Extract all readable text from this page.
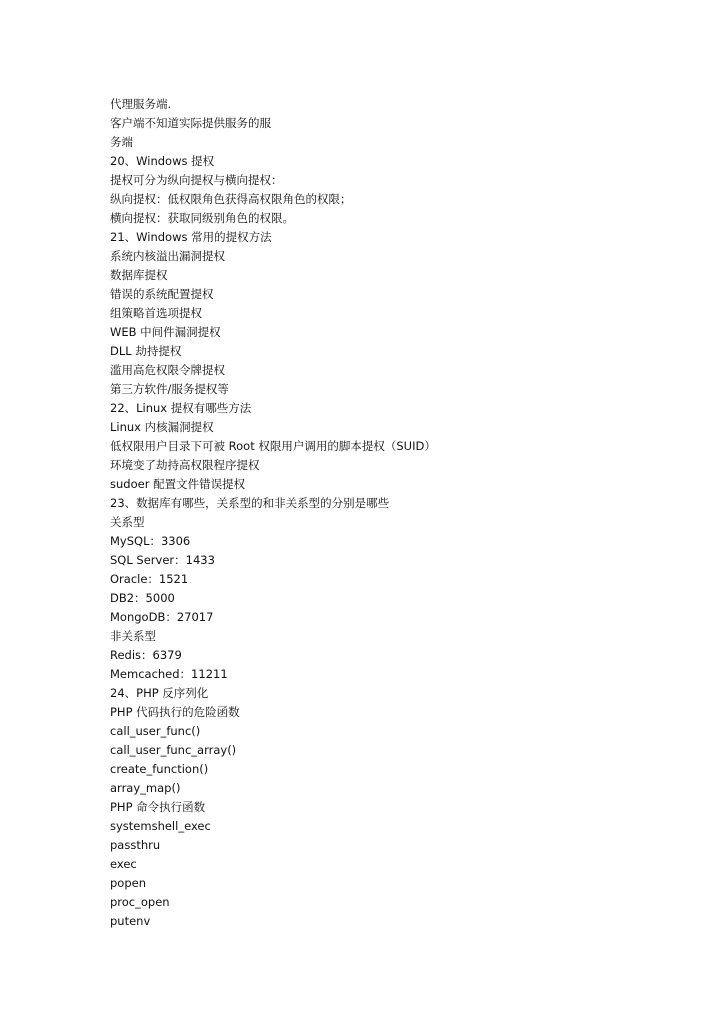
代理服务端.
客户端不知道实际提供服务的服
务端
20、Windows 提权
提权可分为纵向提权与横向提权：
纵向提权：低权限角色获得高权限角色的权限；
横向提权：获取同级别角色的权限。
21、Windows 常用的提权方法
系统内核溢出漏洞提权
数据库提权
错误的系统配置提权
组策略首选项提权
WEB 中间件漏洞提权
DLL 劫持提权
滥用高危权限令牌提权
第三方软件/服务提权等
22、Linux 提权有哪些方法
Linux 内核漏洞提权
低权限用户目录下可被 Root 权限用户调用的脚本提权（SUID）
环境变了劫持高权限程序提权
sudoer 配置文件错误提权
23、数据库有哪些，关系型的和非关系型的分别是哪些
关系型
MySQL：3306
SQL Server：1433
Oracle：1521
DB2：5000
MongoDB：27017
非关系型
Redis：6379
Memcached：11211
24、PHP 反序列化
PHP 代码执行的危险函数
call_user_func()
call_user_func_array()
create_function()
array_map()
PHP 命令执行函数
systemshell_exec
passthru
exec
popen
proc_open
putenv
